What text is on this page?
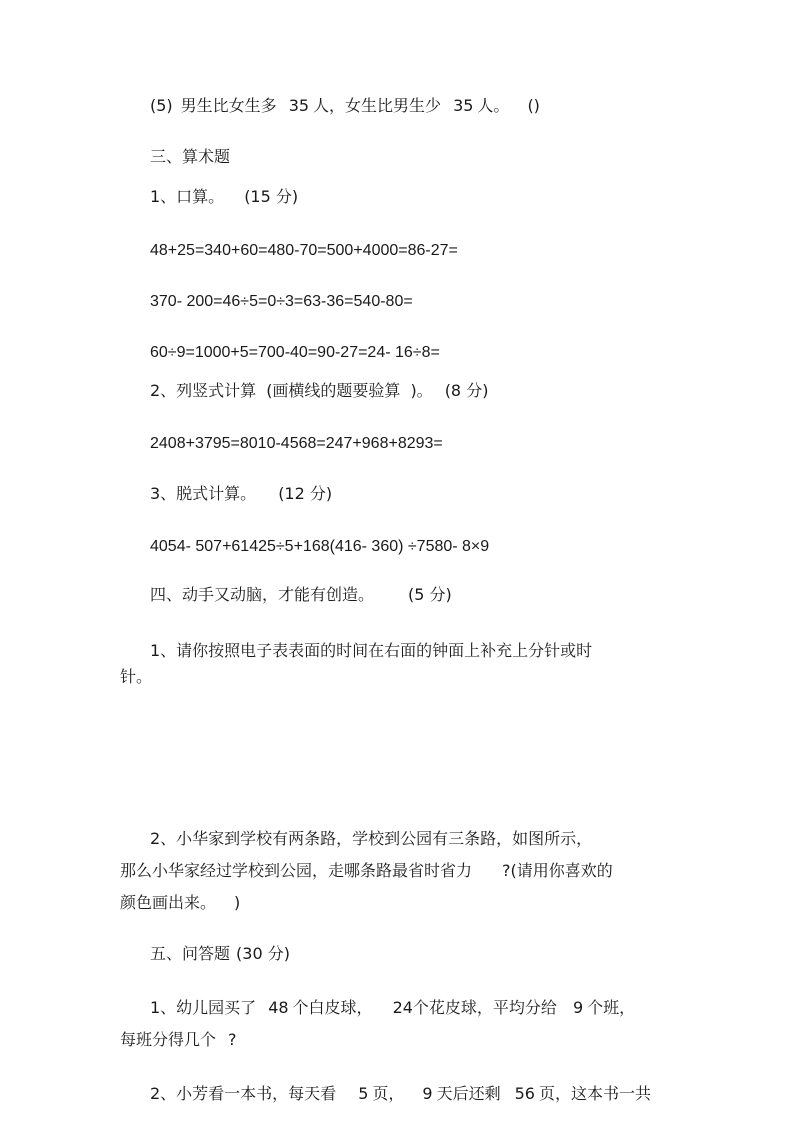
(5) 男生比女生多 35 人，女生比男生少 35 人。 ()
三、算术题
1、口算。 (15 分)
48+25=340+60=480-70=500+4000=86-27=
370- 200=46÷5=0÷3=63-36=540-80=
60÷9=1000+5=700-40=90-27=24- 16÷8=
2、列竖式计算 (画横线的题要验算 )。 (8 分)
2408+3795=8010-4568=247+968+8293=
3、脱式计算。 (12 分)
4054- 507+61425÷5+168(416- 360) ÷7580- 8×9
四、动手又动脑，才能有创造。 (5 分)
1、请你按照电子表表面的时间在右面的钟面上补充上分针或时
针。
2、小华家到学校有两条路，学校到公园有三条路，如图所示，
那么小华家经过学校到公园，走哪条路最省时省力 ?(请用你喜欢的
颜色画出来。 )
五、问答题 (30 分)
1、幼儿园买了 48 个白皮球， 24个花皮球，平均分给 9 个班，
每班分得几个 ?
2、小芳看一本书，每天看 5 页， 9 天后还剩 56 页，这本书一共
